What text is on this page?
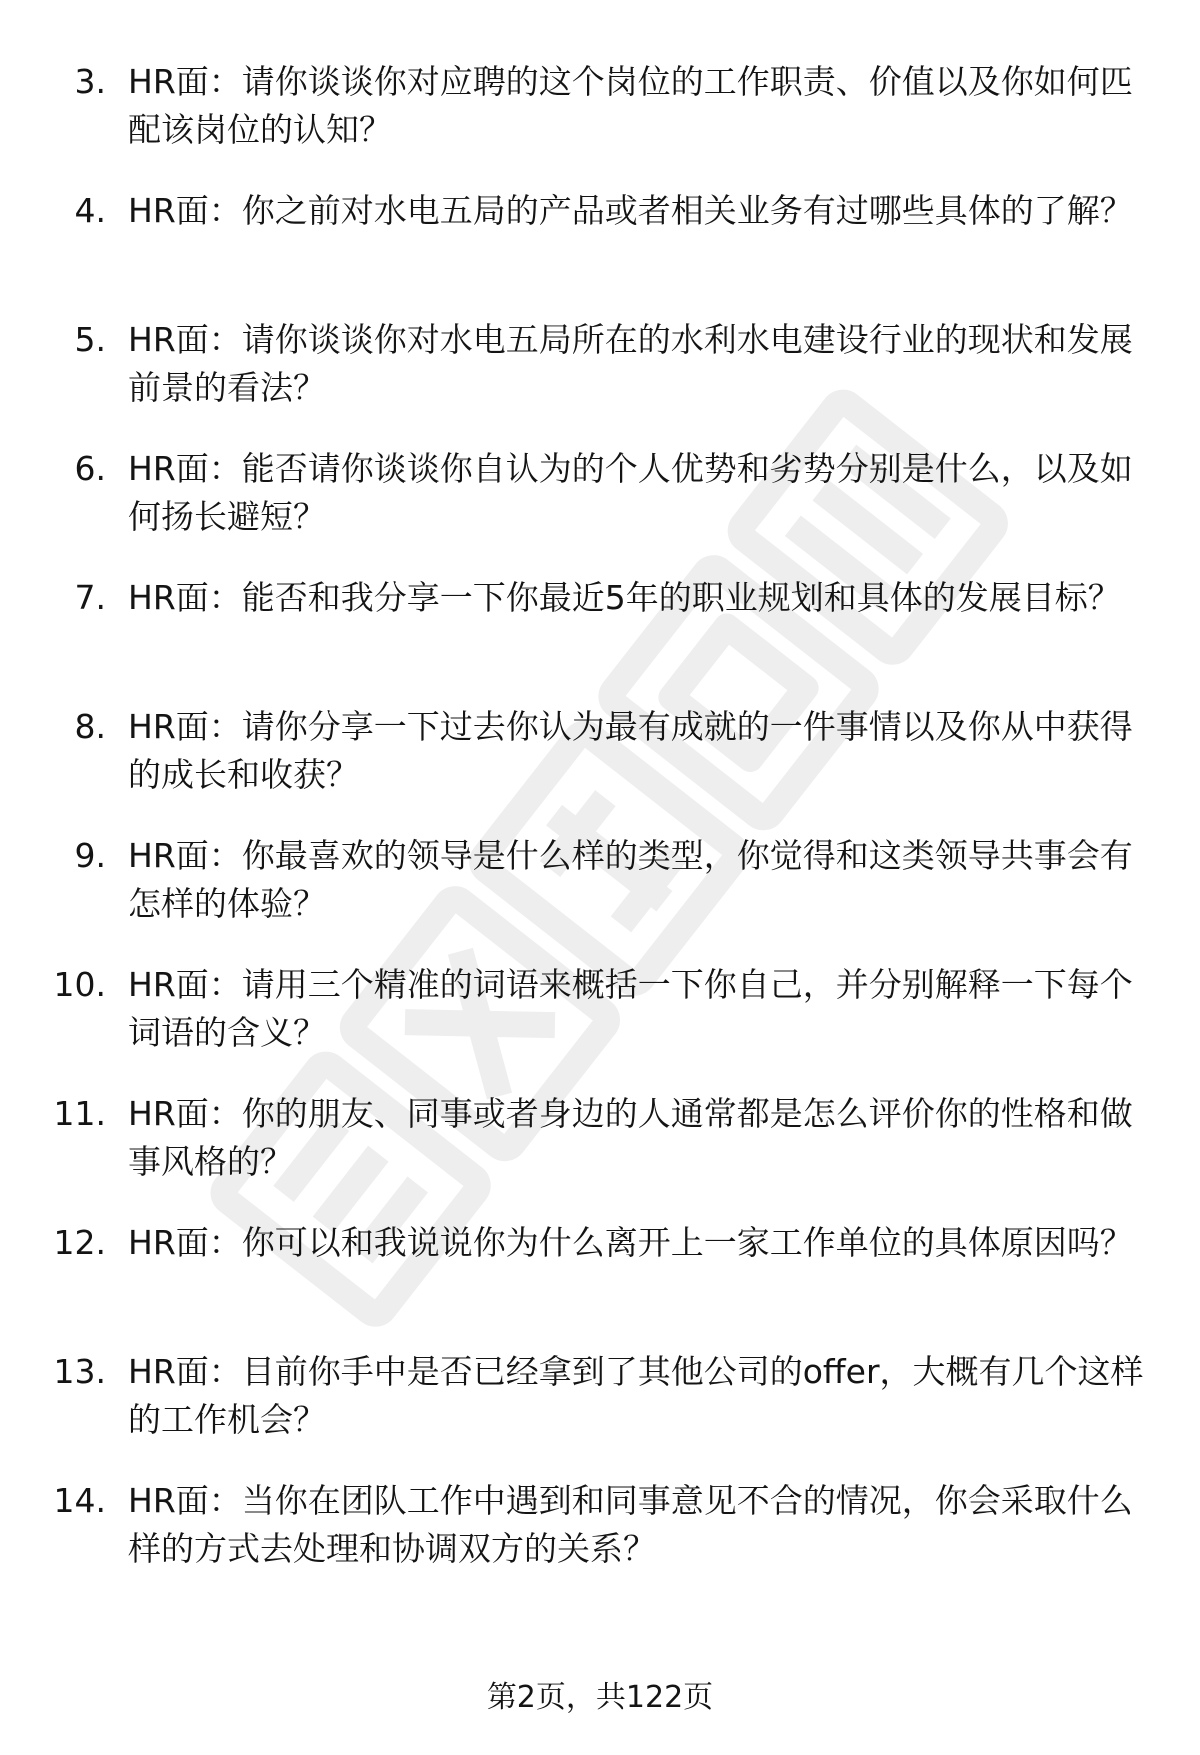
3. HR面：请你谈谈你对应聘的这个岗位的工作职责、价值以及你如何匹配该岗位的认知？

4. HR面：你之前对水电五局的产品或者相关业务有过哪些具体的了解？

5. HR面：请你谈谈你对水电五局所在的水利水电建设行业的现状和发展前景的看法？

6. HR面：能否请你谈谈你自认为的个人优势和劣势分别是什么，以及如何扬长避短？

7. HR面：能否和我分享一下你最近5年的职业规划和具体的发展目标？

8. HR面：请你分享一下过去你认为最有成就的一件事情以及你从中获得的成长和收获？

9. HR面：你最喜欢的领导是什么样的类型，你觉得和这类领导共事会有怎样的体验？

10. HR面：请用三个精准的词语来概括一下你自己，并分别解释一下每个词语的含义？

11. HR面：你的朋友、同事或者身边的人通常都是怎么评价你的性格和做事风格的？

12. HR面：你可以和我说说你为什么离开上一家工作单位的具体原因吗？

13. HR面：目前你手中是否已经拿到了其他公司的offer，大概有几个这样的工作机会？

14. HR面：当你在团队工作中遇到和同事意见不合的情况，你会采取什么样的方式去处理和协调双方的关系？

第2页，共122页
